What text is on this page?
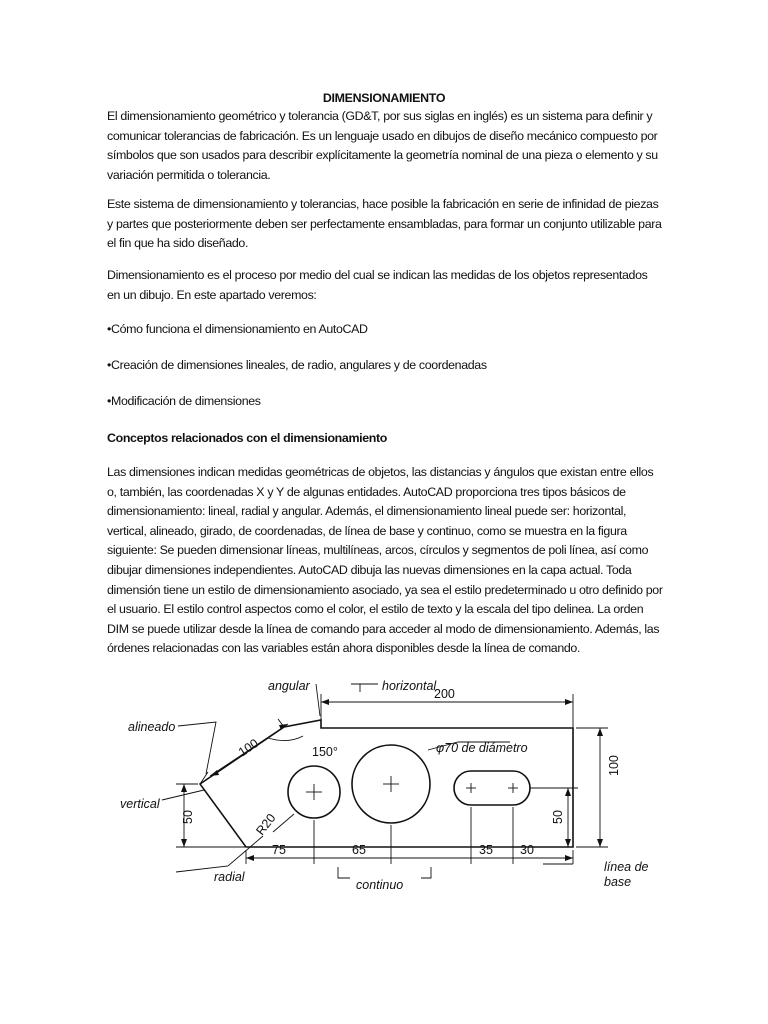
DIMENSIONAMIENTO
El dimensionamiento geométrico y tolerancia (GD&T, por sus siglas en inglés) es un sistema para definir y comunicar tolerancias de fabricación. Es un lenguaje usado en dibujos de diseño mecánico compuesto por símbolos que son usados para describir explícitamente la geometría nominal de una pieza o elemento y su variación permitida o tolerancia.
Este sistema de dimensionamiento y tolerancias, hace posible la fabricación en serie de infinidad de piezas y partes que posteriormente deben ser perfectamente ensambladas, para formar un conjunto utilizable para el fin que ha sido diseñado.
Dimensionamiento es el proceso por medio del cual se indican las medidas de los objetos representados en un dibujo. En este apartado veremos:
•Cómo funciona el dimensionamiento en AutoCAD
•Creación de dimensiones lineales, de radio, angulares y de coordenadas
•Modificación de dimensiones
Conceptos relacionados con el dimensionamiento
Las dimensiones indican medidas geométricas de objetos, las distancias y ángulos que existan entre ellos o, también, las coordenadas X y Y de algunas entidades. AutoCAD proporciona tres tipos básicos de dimensionamiento: lineal, radial y angular. Además, el dimensionamiento lineal puede ser: horizontal, vertical, alineado, girado, de coordenadas, de línea de base y continuo, como se muestra en la figura siguiente: Se pueden dimensionar líneas, multilíneas, arcos, círculos y segmentos de poli línea, así como dibujar dimensiones independientes. AutoCAD dibuja las nuevas dimensiones en la capa actual. Toda dimensión tiene un estilo de dimensionamiento asociado, ya sea el estilo predeterminado u otro definido por el usuario. El estilo control aspectos como el color, el estilo de texto y la escala del tipo delinea. La orden DIM se puede utilizar desde la línea de comando para acceder al modo de dimensionamiento. Además, las órdenes relacionadas con las variables están ahora disponibles desde la línea de comando.
angular	horizontal
alineado
vertical
radial
continuo
φ70 de diámetro
línea de
base
200
100	150°
100
50	50
R20
75	65	35 30
